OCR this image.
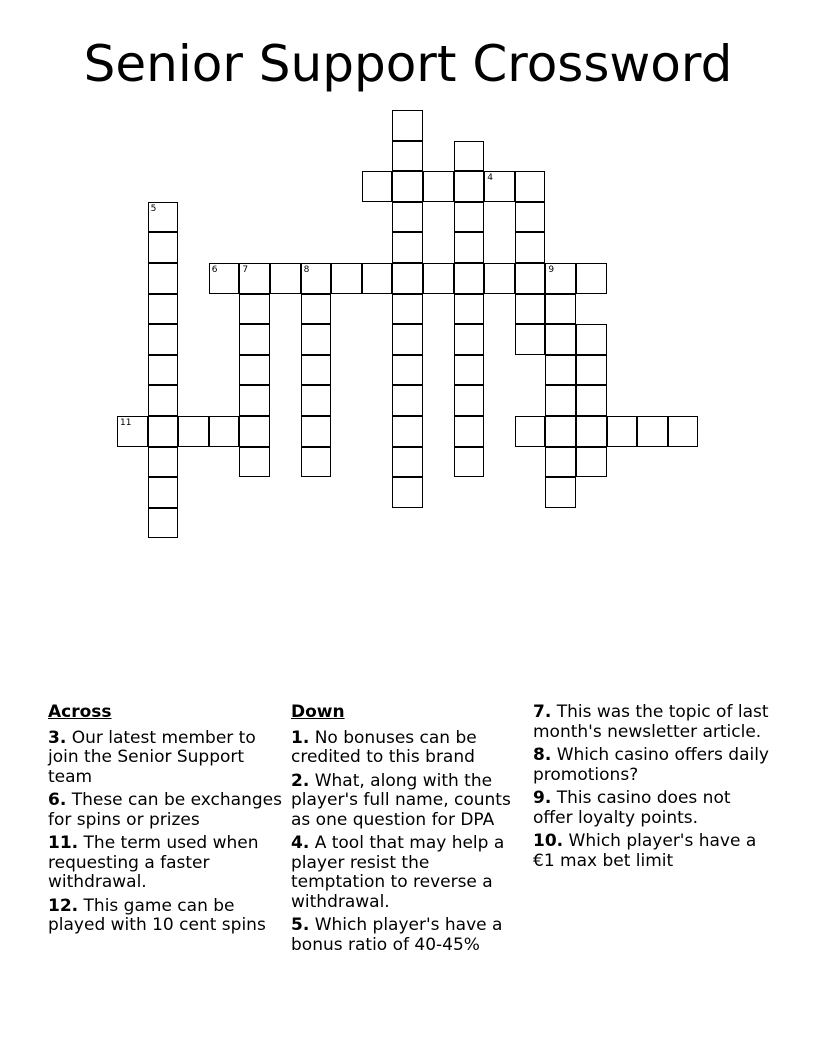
Senior Support Crossword
4
5
6	7	8	9
11
Across
3. Our latest member to join the Senior Support team
6. These can be exchanges for spins or prizes
11. The term used when requesting a faster withdrawal.
12. This game can be played with 10 cent spins
Down
1. No bonuses can be credited to this brand
2. What, along with the player's full name, counts as one question for DPA
4. A tool that may help a player resist the temptation to reverse a withdrawal.
5. Which player's have a bonus ratio of 40-45%
7. This was the topic of last month's newsletter article.
8. Which casino offers daily promotions?
9. This casino does not offer loyalty points.
10. Which player's have a €1 max bet limit
